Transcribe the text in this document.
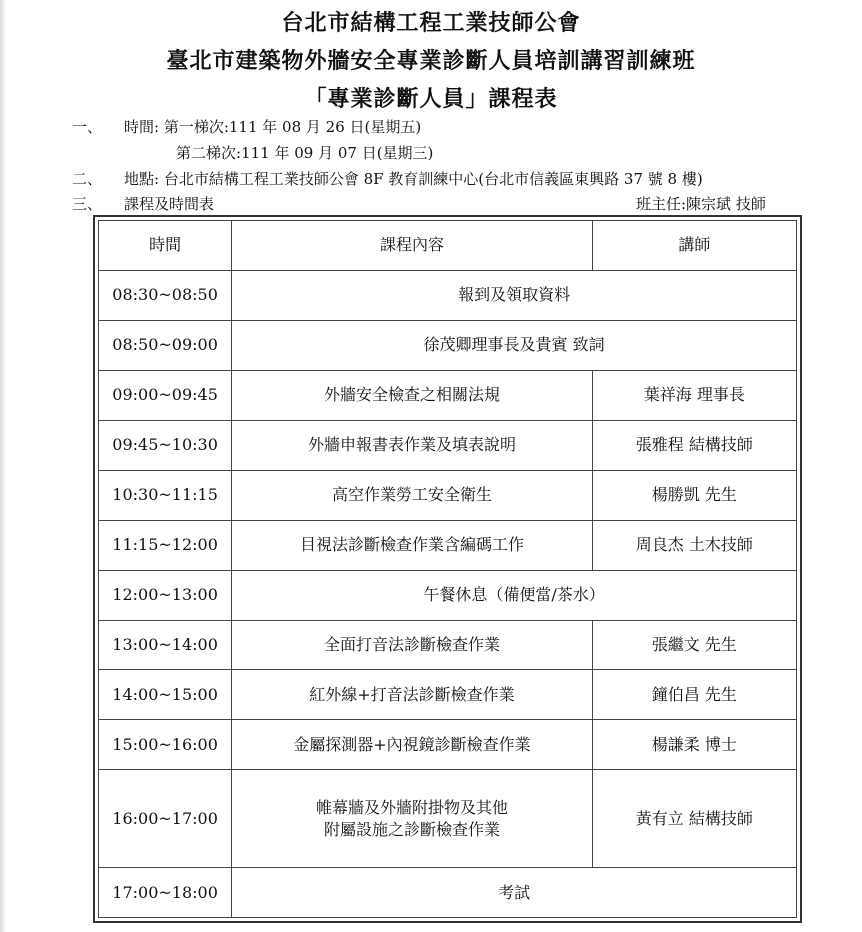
台北市結構工程工業技師公會
臺北市建築物外牆安全專業診斷人員培訓講習訓練班
「專業診斷人員」課程表
一、 時間: 第一梯次:111 年 08 月 26 日(星期五)
第二梯次:111 年 09 月 07 日(星期三)
二、 地點: 台北市結構工程工業技師公會 8F 教育訓練中心(台北市信義區東興路 37 號 8 樓)
三、 課程及時間表	班主任:陳宗珷 技師
時間	課程內容	講師
08:30~08:50	報到及領取資料	
08:50~09:00	徐茂卿理事長及貴賓 致詞	
09:00~09:45	外牆安全檢查之相關法規	葉祥海 理事長
09:45~10:30	外牆申報書表作業及填表說明	張雅程 結構技師
10:30~11:15	高空作業勞工安全衛生	楊勝凱 先生
11:15~12:00	目視法診斷檢查作業含編碼工作	周良杰 土木技師
12:00~13:00	午餐休息（備便當/茶水）	
13:00~14:00	全面打音法診斷檢查作業	張繼文 先生
14:00~15:00	紅外線+打音法診斷檢查作業	鐘伯昌 先生
15:00~16:00	金屬探測器+內視鏡診斷檢查作業	楊謙柔 博士
16:00~17:00	帷幕牆及外牆附掛物及其他
附屬設施之診斷檢查作業	黃有立 結構技師
17:00~18:00	考試	
